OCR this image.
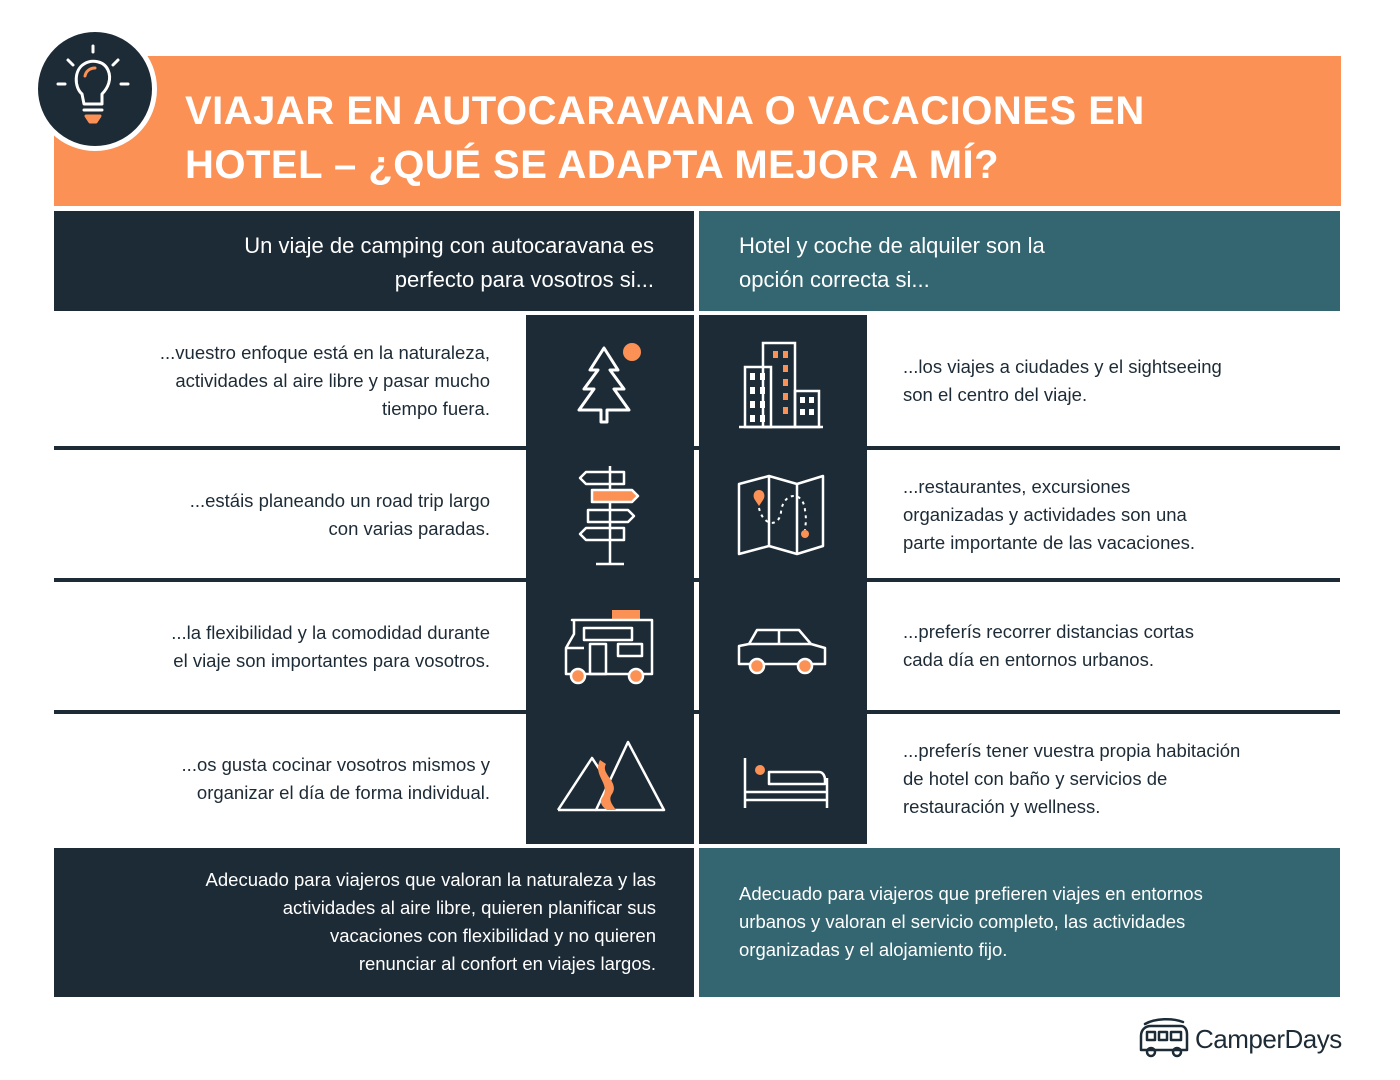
VIAJAR EN AUTOCARAVANA O VACACIONES EN
HOTEL – ¿QUÉ SE ADAPTA MEJOR A MÍ?
Un viaje de camping con autocaravana es
perfecto para vosotros si...
Hotel y coche de alquiler son la
opción correcta si...
...vuestro enfoque está en la naturaleza,
actividades al aire libre y pasar mucho
tiempo fuera.
...los viajes a ciudades y el sightseeing
son el centro del viaje.
...estáis planeando un road trip largo
con varias paradas.
...restaurantes, excursiones
organizadas y actividades son una
parte importante de las vacaciones.
...la flexibilidad y la comodidad durante
el viaje son importantes para vosotros.
...preferís recorrer distancias cortas
cada día en entornos urbanos.
...os gusta cocinar vosotros mismos y
organizar el día de forma individual.
...preferís tener vuestra propia habitación
de hotel con baño y servicios de
restauración y wellness.
Adecuado para viajeros que valoran la naturaleza y las
actividades al aire libre, quieren planificar sus
vacaciones con flexibilidad y no quieren
renunciar al confort en viajes largos.
Adecuado para viajeros que prefieren viajes en entornos
urbanos y valoran el servicio completo, las actividades
organizadas y el alojamiento fijo.
CamperDays
